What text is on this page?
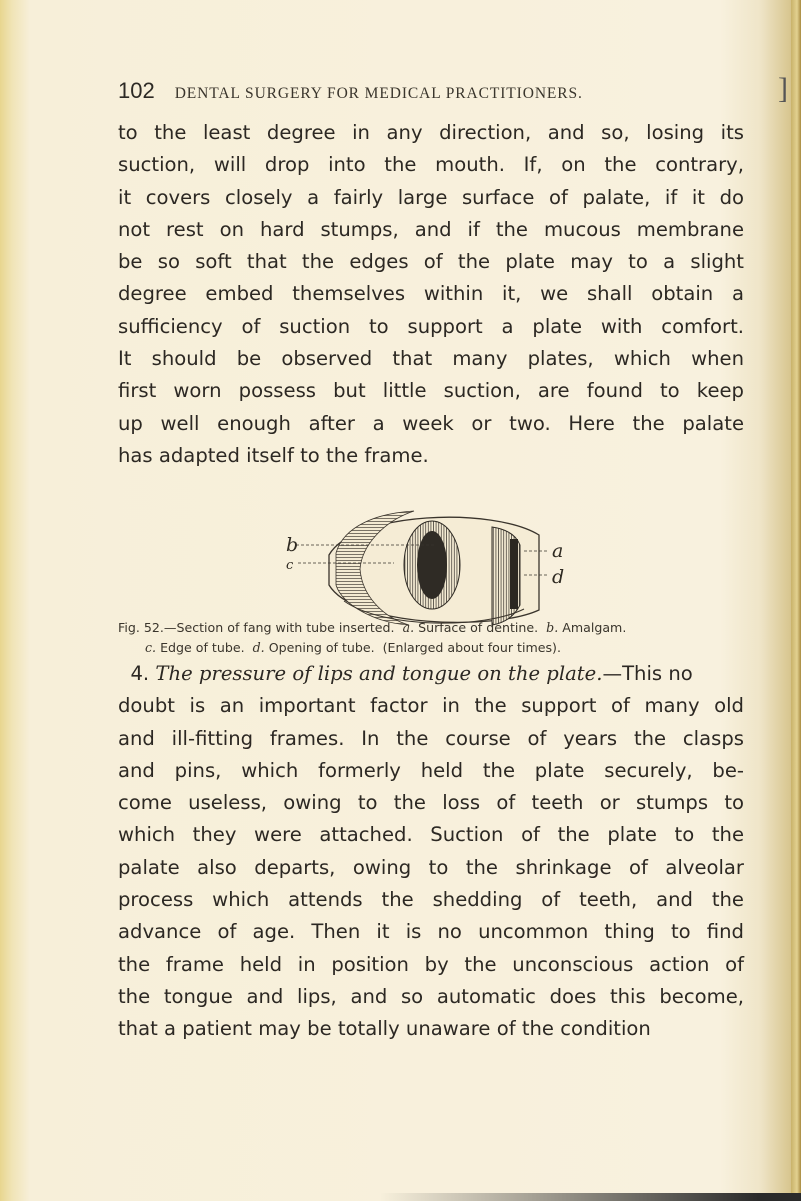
102 DENTAL SURGERY FOR MEDICAL PRACTITIONERS.	]
to the least degree in any direction, and so, losing its
suction, will drop into the mouth. If, on the contrary,
it covers closely a fairly large surface of palate, if it do
not rest on hard stumps, and if the mucous membrane
be so soft that the edges of the plate may to a slight
degree embed themselves within it, we shall obtain a
sufficiency of suction to support a plate with comfort.
It should be observed that many plates, which when
first worn possess but little suction, are found to keep
up well enough after a week or two. Here the palate
has adapted itself to the frame.
b
c
a
d
Fig. 52.—Section of fang with tube inserted. a. Surface of dentine. b. Amalgam.
c. Edge of tube. d. Opening of tube. (Enlarged about four times).
4. The pressure of lips and tongue on the plate.—This no
doubt is an important factor in the support of many old
and ill-fitting frames. In the course of years the clasps
and pins, which formerly held the plate securely, be-
come useless, owing to the loss of teeth or stumps to
which they were attached. Suction of the plate to the
palate also departs, owing to the shrinkage of alveolar
process which attends the shedding of teeth, and the
advance of age. Then it is no uncommon thing to find
the frame held in position by the unconscious action of
the tongue and lips, and so automatic does this become,
that a patient may be totally unaware of the condition
